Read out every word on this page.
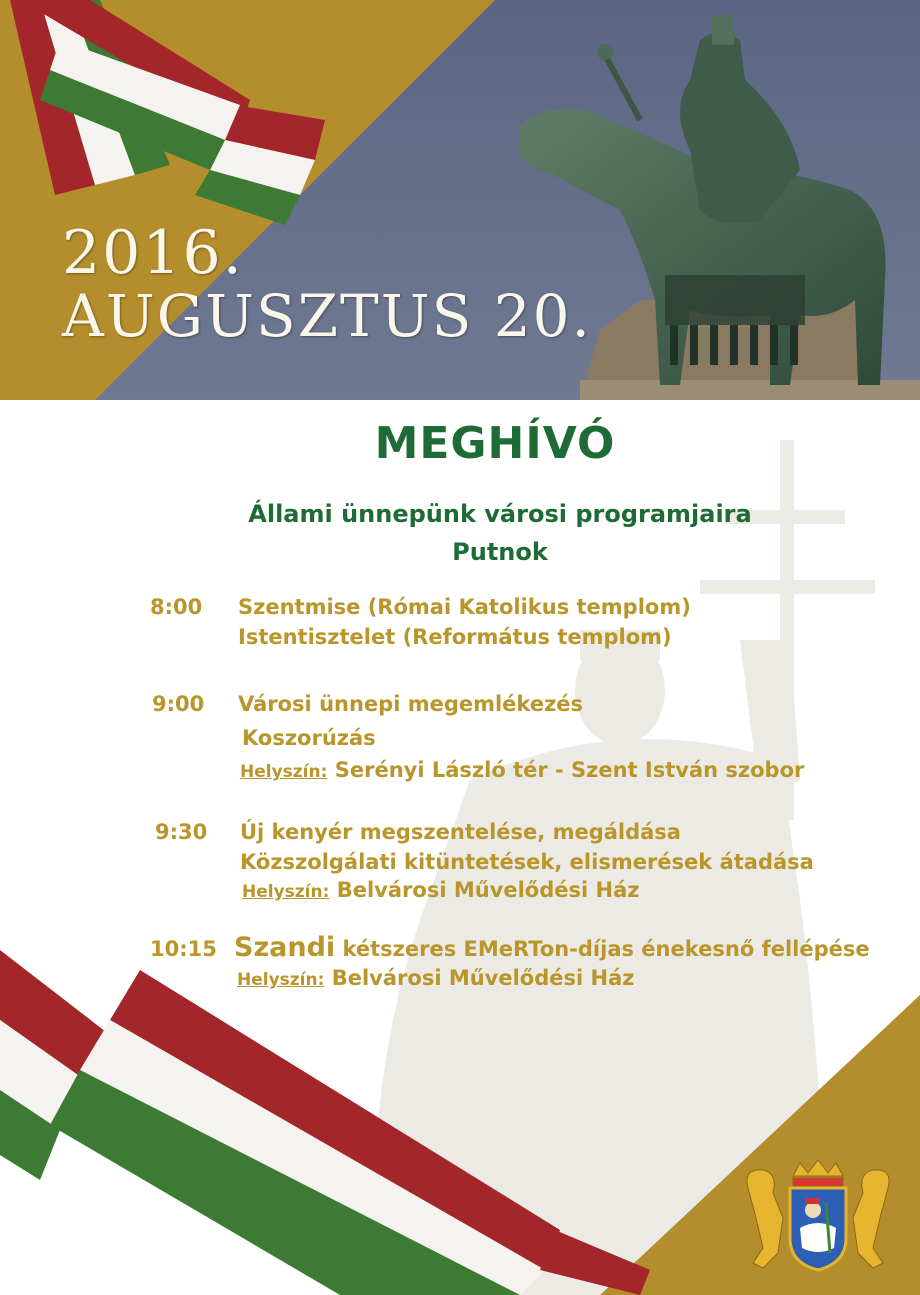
2016.
AUGUSZTUS 20.
MEGHÍVÓ
Állami ünnepünk városi programjaira
Putnok
8:00 Szentmise (Római Katolikus templom)
Istentisztelet (Református templom)
9:00 Városi ünnepi megemlékezés
Koszorúzás
Helyszín: Serényi László tér - Szent István szobor
9:30 Új kenyér megszentelése, megáldása
Közszolgálati kitüntetések, elismerések átadása
Helyszín: Belvárosi Művelődési Ház
10:15 Szandi kétszeres EMeRTon-díjas énekesnő fellépése
Helyszín: Belvárosi Művelődési Ház
